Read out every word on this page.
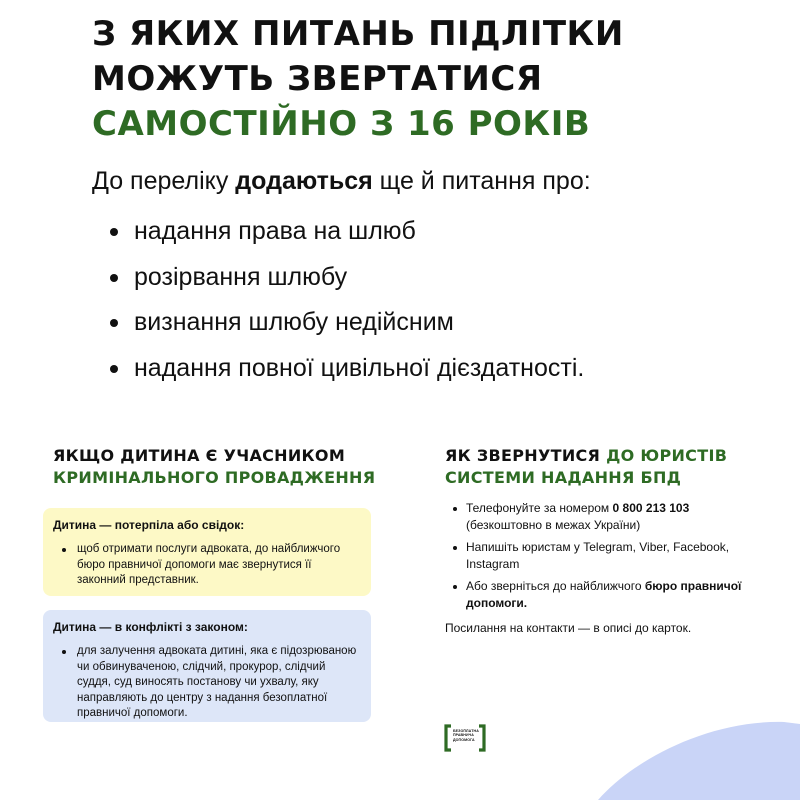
З ЯКИХ ПИТАНЬ ПІДЛІТКИ
МОЖУТЬ ЗВЕРТАТИСЯ
САМОСТІЙНО З 16 РОКІВ

До переліку додаються ще й питання про:

надання права на шлюб
розірвання шлюбу
визнання шлюбу недійсним
надання повної цивільної дієздатності.
ЯКЩО ДИТИНА Є УЧАСНИКОМ
КРИМІНАЛЬНОГО ПРОВАДЖЕННЯ
Дитина — потерпіла або свідок:
щоб отримати послуги адвоката, до найближчого бюро правничої допомоги має звернутися її законний представник.
Дитина — в конфлікті з законом:
для залучення адвоката дитині, яка є підозрюваною чи обвинуваченою, слідчий, прокурор, слідчий суддя, суд виносять постанову чи ухвалу, яку направляють до центру з надання безоплатної правничої допомоги.
ЯК ЗВЕРНУТИСЯ ДО ЮРИСТІВ
СИСТЕМИ НАДАННЯ БПД
Телефонуйте за номером 0 800 213 103
(безкоштовно в межах України)
Напишіть юристам у Telegram, Viber, Facebook, Instagram
Або зверніться до найближчого бюро правничої допомоги.

Посилання на контакти — в описі до карток.

БЕЗОПЛАТНА
ПРАВНИЧА
ДОПОМОГА
